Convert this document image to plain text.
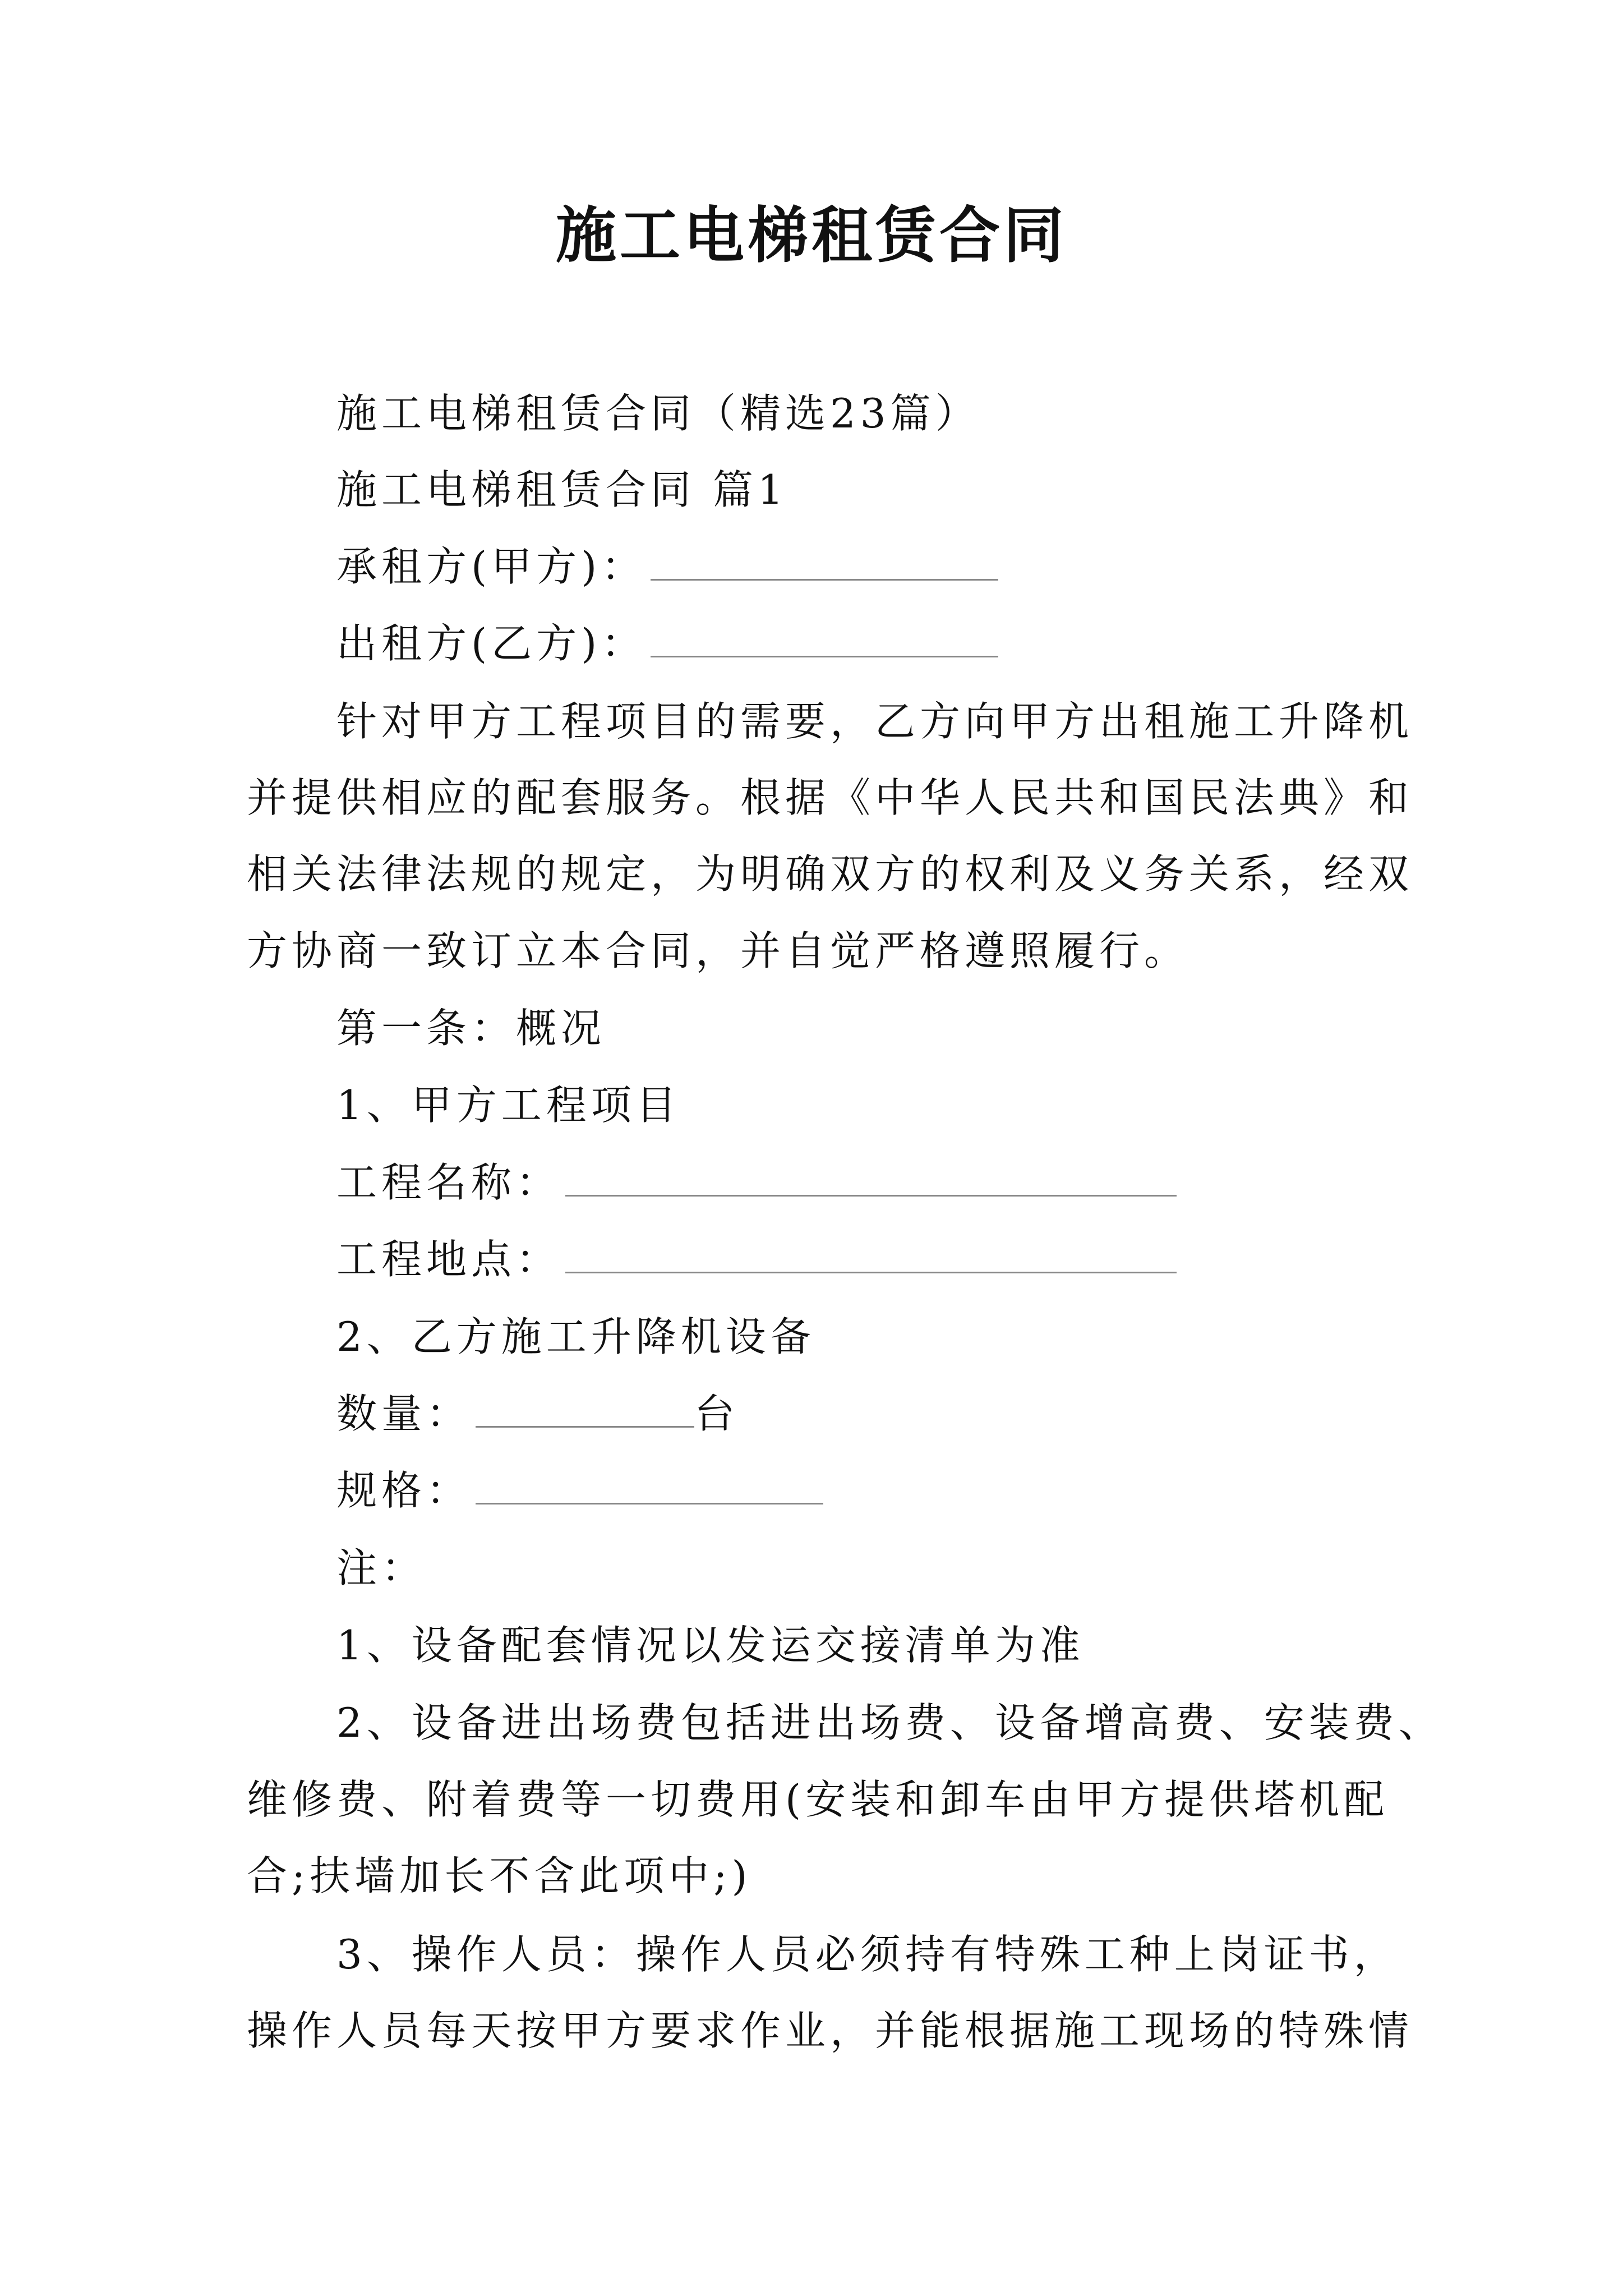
施工电梯租赁合同
施工电梯租赁合同（精选23篇）
施工电梯租赁合同 篇1
承租方(甲方)：
出租方(乙方)：
针对甲方工程项目的需要，乙方向甲方出租施工升降机
并提供相应的配套服务。根据《中华人民共和国民法典》和
相关法律法规的规定，为明确双方的权利及义务关系，经双
方协商一致订立本合同，并自觉严格遵照履行。
第一条：概况
1、甲方工程项目
工程名称：
工程地点：
2、乙方施工升降机设备
数量：	台
规格：
注：
1、设备配套情况以发运交接清单为准
2、设备进出场费包括进出场费、设备增高费、安装费、
维修费、附着费等一切费用(安装和卸车由甲方提供塔机配
合;扶墙加长不含此项中;)
3、操作人员：操作人员必须持有特殊工种上岗证书，
操作人员每天按甲方要求作业，并能根据施工现场的特殊情
